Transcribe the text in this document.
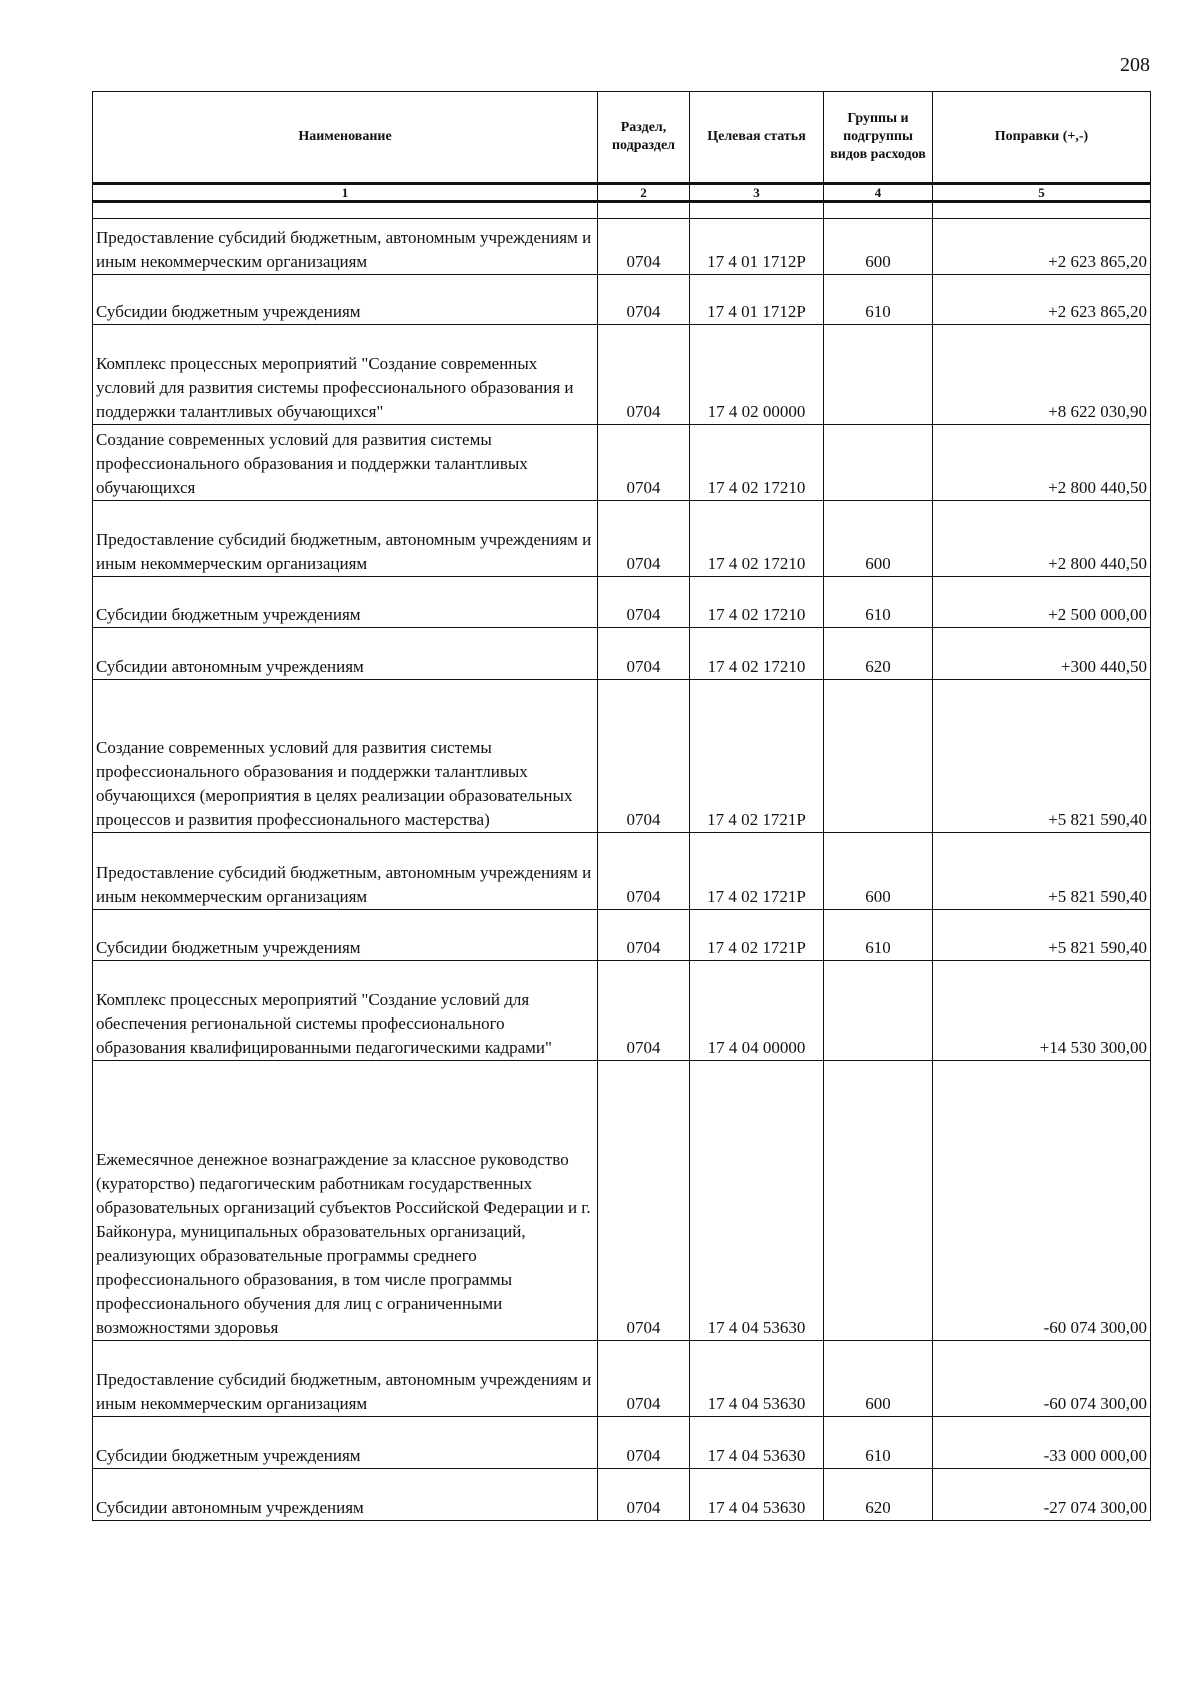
208
Наименование	Раздел, подраздел	Целевая статья	Группы и подгруппы видов расходов	Поправки (+,-)
1	2	3	4	5

Предоставление субсидий бюджетным, автономным учреждениям и иным некоммерческим организациям	0704	17 4 01 1712Р	600	+2 623 865,20
Субсидии бюджетным учреждениям	0704	17 4 01 1712Р	610	+2 623 865,20
Комплекс процессных мероприятий "Создание современных условий для развития системы профессионального образования и поддержки талантливых обучающихся"	0704	17 4 02 00000		+8 622 030,90
Создание современных условий для развития системы профессионального образования и поддержки талантливых обучающихся	0704	17 4 02 17210		+2 800 440,50
Предоставление субсидий бюджетным, автономным учреждениям и иным некоммерческим организациям	0704	17 4 02 17210	600	+2 800 440,50
Субсидии бюджетным учреждениям	0704	17 4 02 17210	610	+2 500 000,00
Субсидии автономным учреждениям	0704	17 4 02 17210	620	+300 440,50
Создание современных условий для развития системы профессионального образования и поддержки талантливых обучающихся (мероприятия в целях реализации образовательных процессов и развития профессионального мастерства)	0704	17 4 02 1721Р		+5 821 590,40
Предоставление субсидий бюджетным, автономным учреждениям и иным некоммерческим организациям	0704	17 4 02 1721Р	600	+5 821 590,40
Субсидии бюджетным учреждениям	0704	17 4 02 1721Р	610	+5 821 590,40
Комплекс процессных мероприятий "Создание условий для обеспечения региональной системы профессионального образования квалифицированными педагогическими кадрами"	0704	17 4 04 00000		+14 530 300,00
Ежемесячное денежное вознаграждение за классное руководство (кураторство) педагогическим работникам государственных образовательных организаций субъектов Российской Федерации и г. Байконура, муниципальных образовательных организаций, реализующих образовательные программы среднего профессионального образования, в том числе программы профессионального обучения для лиц с ограниченными возможностями здоровья	0704	17 4 04 53630		-60 074 300,00
Предоставление субсидий бюджетным, автономным учреждениям и иным некоммерческим организациям	0704	17 4 04 53630	600	-60 074 300,00
Субсидии бюджетным учреждениям	0704	17 4 04 53630	610	-33 000 000,00
Субсидии автономным учреждениям	0704	17 4 04 53630	620	-27 074 300,00
